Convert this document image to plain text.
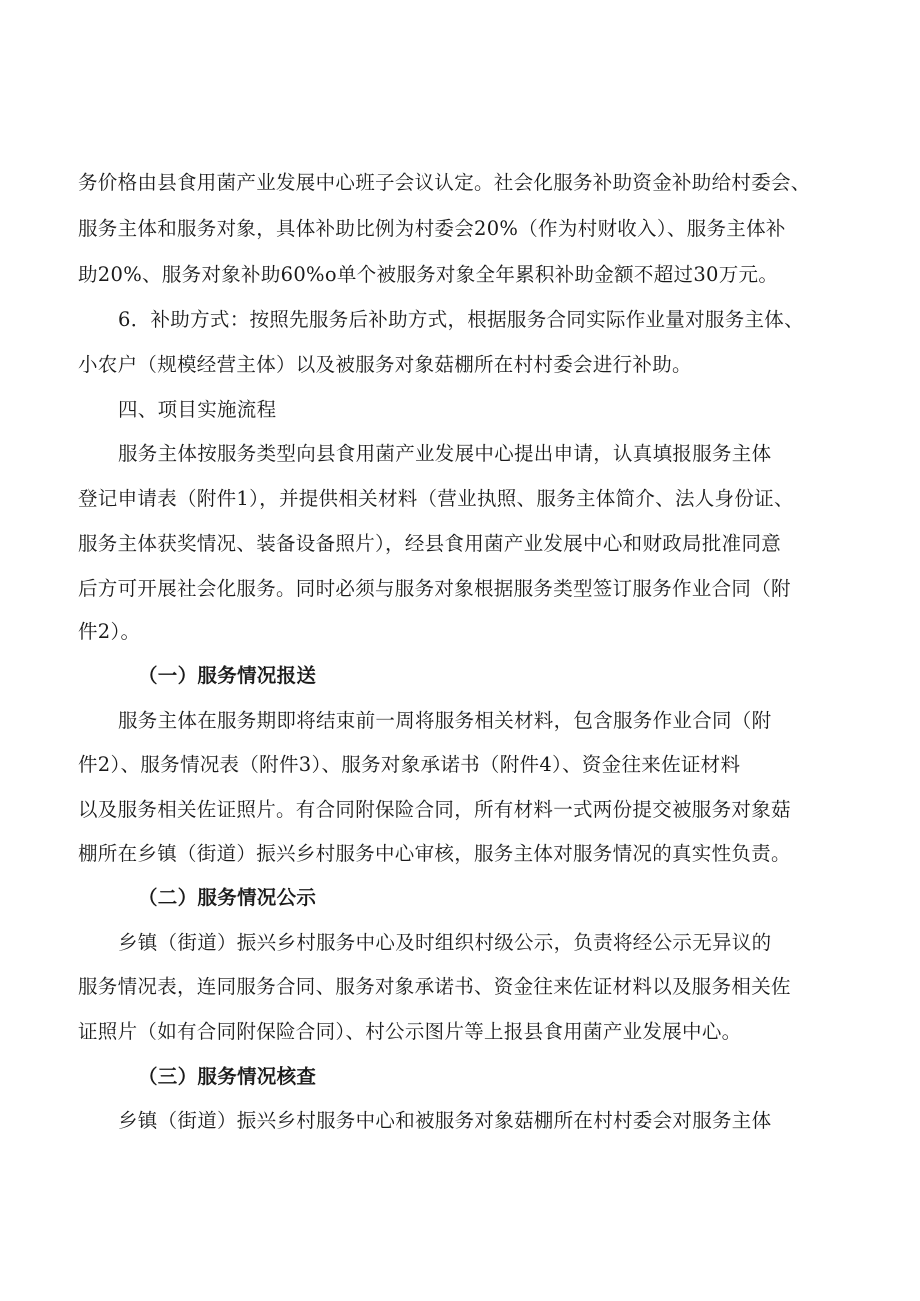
务价格由县食用菌产业发展中心班子会议认定。社会化服务补助资金补助给村委会、
服务主体和服务对象，具体补助比例为村委会20%（作为村财收入）、服务主体补
助20%、服务对象补助60%o单个被服务对象全年累积补助金额不超过30万元。
6．补助方式：按照先服务后补助方式，根据服务合同实际作业量对服务主体、
小农户（规模经营主体）以及被服务对象菇棚所在村村委会进行补助。
四、项目实施流程
服务主体按服务类型向县食用菌产业发展中心提出申请，认真填报服务主体
登记申请表（附件1），并提供相关材料（营业执照、服务主体简介、法人身份证、
服务主体获奖情况、装备设备照片），经县食用菌产业发展中心和财政局批准同意
后方可开展社会化服务。同时必须与服务对象根据服务类型签订服务作业合同（附
件2）。
（一）服务情况报送
服务主体在服务期即将结束前一周将服务相关材料，包含服务作业合同（附
件2）、服务情况表（附件3）、服务对象承诺书（附件4）、资金往来佐证材料
以及服务相关佐证照片。有合同附保险合同，所有材料一式两份提交被服务对象菇
棚所在乡镇（街道）振兴乡村服务中心审核，服务主体对服务情况的真实性负责。
（二）服务情况公示
乡镇（街道）振兴乡村服务中心及时组织村级公示，负责将经公示无异议的
服务情况表，连同服务合同、服务对象承诺书、资金往来佐证材料以及服务相关佐
证照片（如有合同附保险合同）、村公示图片等上报县食用菌产业发展中心。
（三）服务情况核查
乡镇（街道）振兴乡村服务中心和被服务对象菇棚所在村村委会对服务主体
